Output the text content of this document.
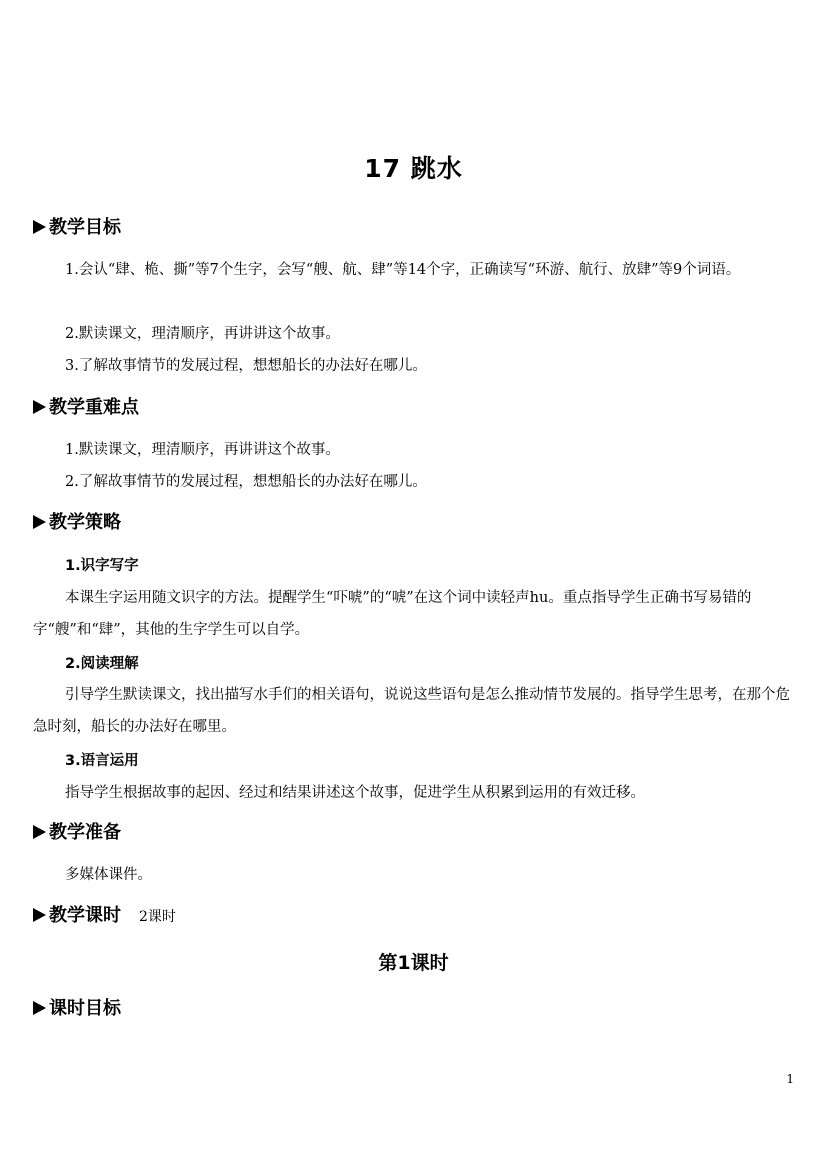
17 跳水
教学目标

1.会认“肆、桅、撕”等7个生字，会写“艘、航、肆”等14个字，正确读写“环游、航行、放肆”等9个词语。

2.默读课文，理清顺序，再讲讲这个故事。

3.了解故事情节的发展过程，想想船长的办法好在哪儿。

教学重难点

1.默读课文，理清顺序，再讲讲这个故事。

2.了解故事情节的发展过程，想想船长的办法好在哪儿。

教学策略
1.识字写字

本课生字运用随文识字的方法。提醒学生“吓唬”的“唬”在这个词中读轻声hu。重点指导学生正确书写易错的字“艘”和“肆”，其他的生字学生可以自学。

2.阅读理解

引导学生默读课文，找出描写水手们的相关语句，说说这些语句是怎么推动情节发展的。指导学生思考，在那个危急时刻，船长的办法好在哪里。

3.语言运用

指导学生根据故事的起因、经过和结果讲述这个故事，促进学生从积累到运用的有效迁移。

教学准备

多媒体课件。

教学课时 2课时
第1课时
课时目标
1
